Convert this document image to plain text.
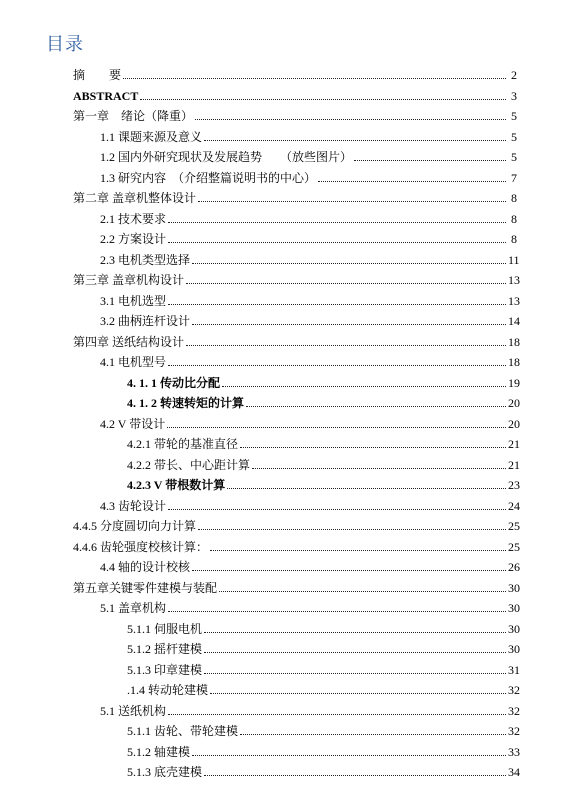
目录
摘　　要	2
ABSTRACT	3
第一章　绪论（降重）	5
1.1 课题来源及意义	5
1.2 国内外研究现状及发展趋势　　（放些图片）	5
1.3 研究内容　（介绍整篇说明书的中心）	7
第二章 盖章机整体设计	8
2.1 技术要求	8
2.2 方案设计	8
2.3 电机类型选择	11
第三章 盖章机构设计	13
3.1 电机选型	13
3.2 曲柄连杆设计	14
第四章 送纸结构设计	18
4.1 电机型号	18
4. 1. 1 传动比分配	19
4. 1. 2 转速转矩的计算	20
4.2 V 带设计	20
4.2.1 带轮的基准直径	21
4.2.2 带长、中心距计算	21
4.2.3 V 带根数计算	23
4.3 齿轮设计	24
4.4.5 分度圆切向力计算	25
4.4.6 齿轮强度校核计算：	25
4.4 轴的设计校核	26
第五章关键零件建模与装配	30
5.1 盖章机构	30
5.1.1 伺服电机	30
5.1.2 摇杆建模	30
5.1.3 印章建模	31
.1.4 转动轮建模	32
5.1 送纸机构	32
5.1.1 齿轮、带轮建模	32
5.1.2 轴建模	33
5.1.3 底壳建模	34
